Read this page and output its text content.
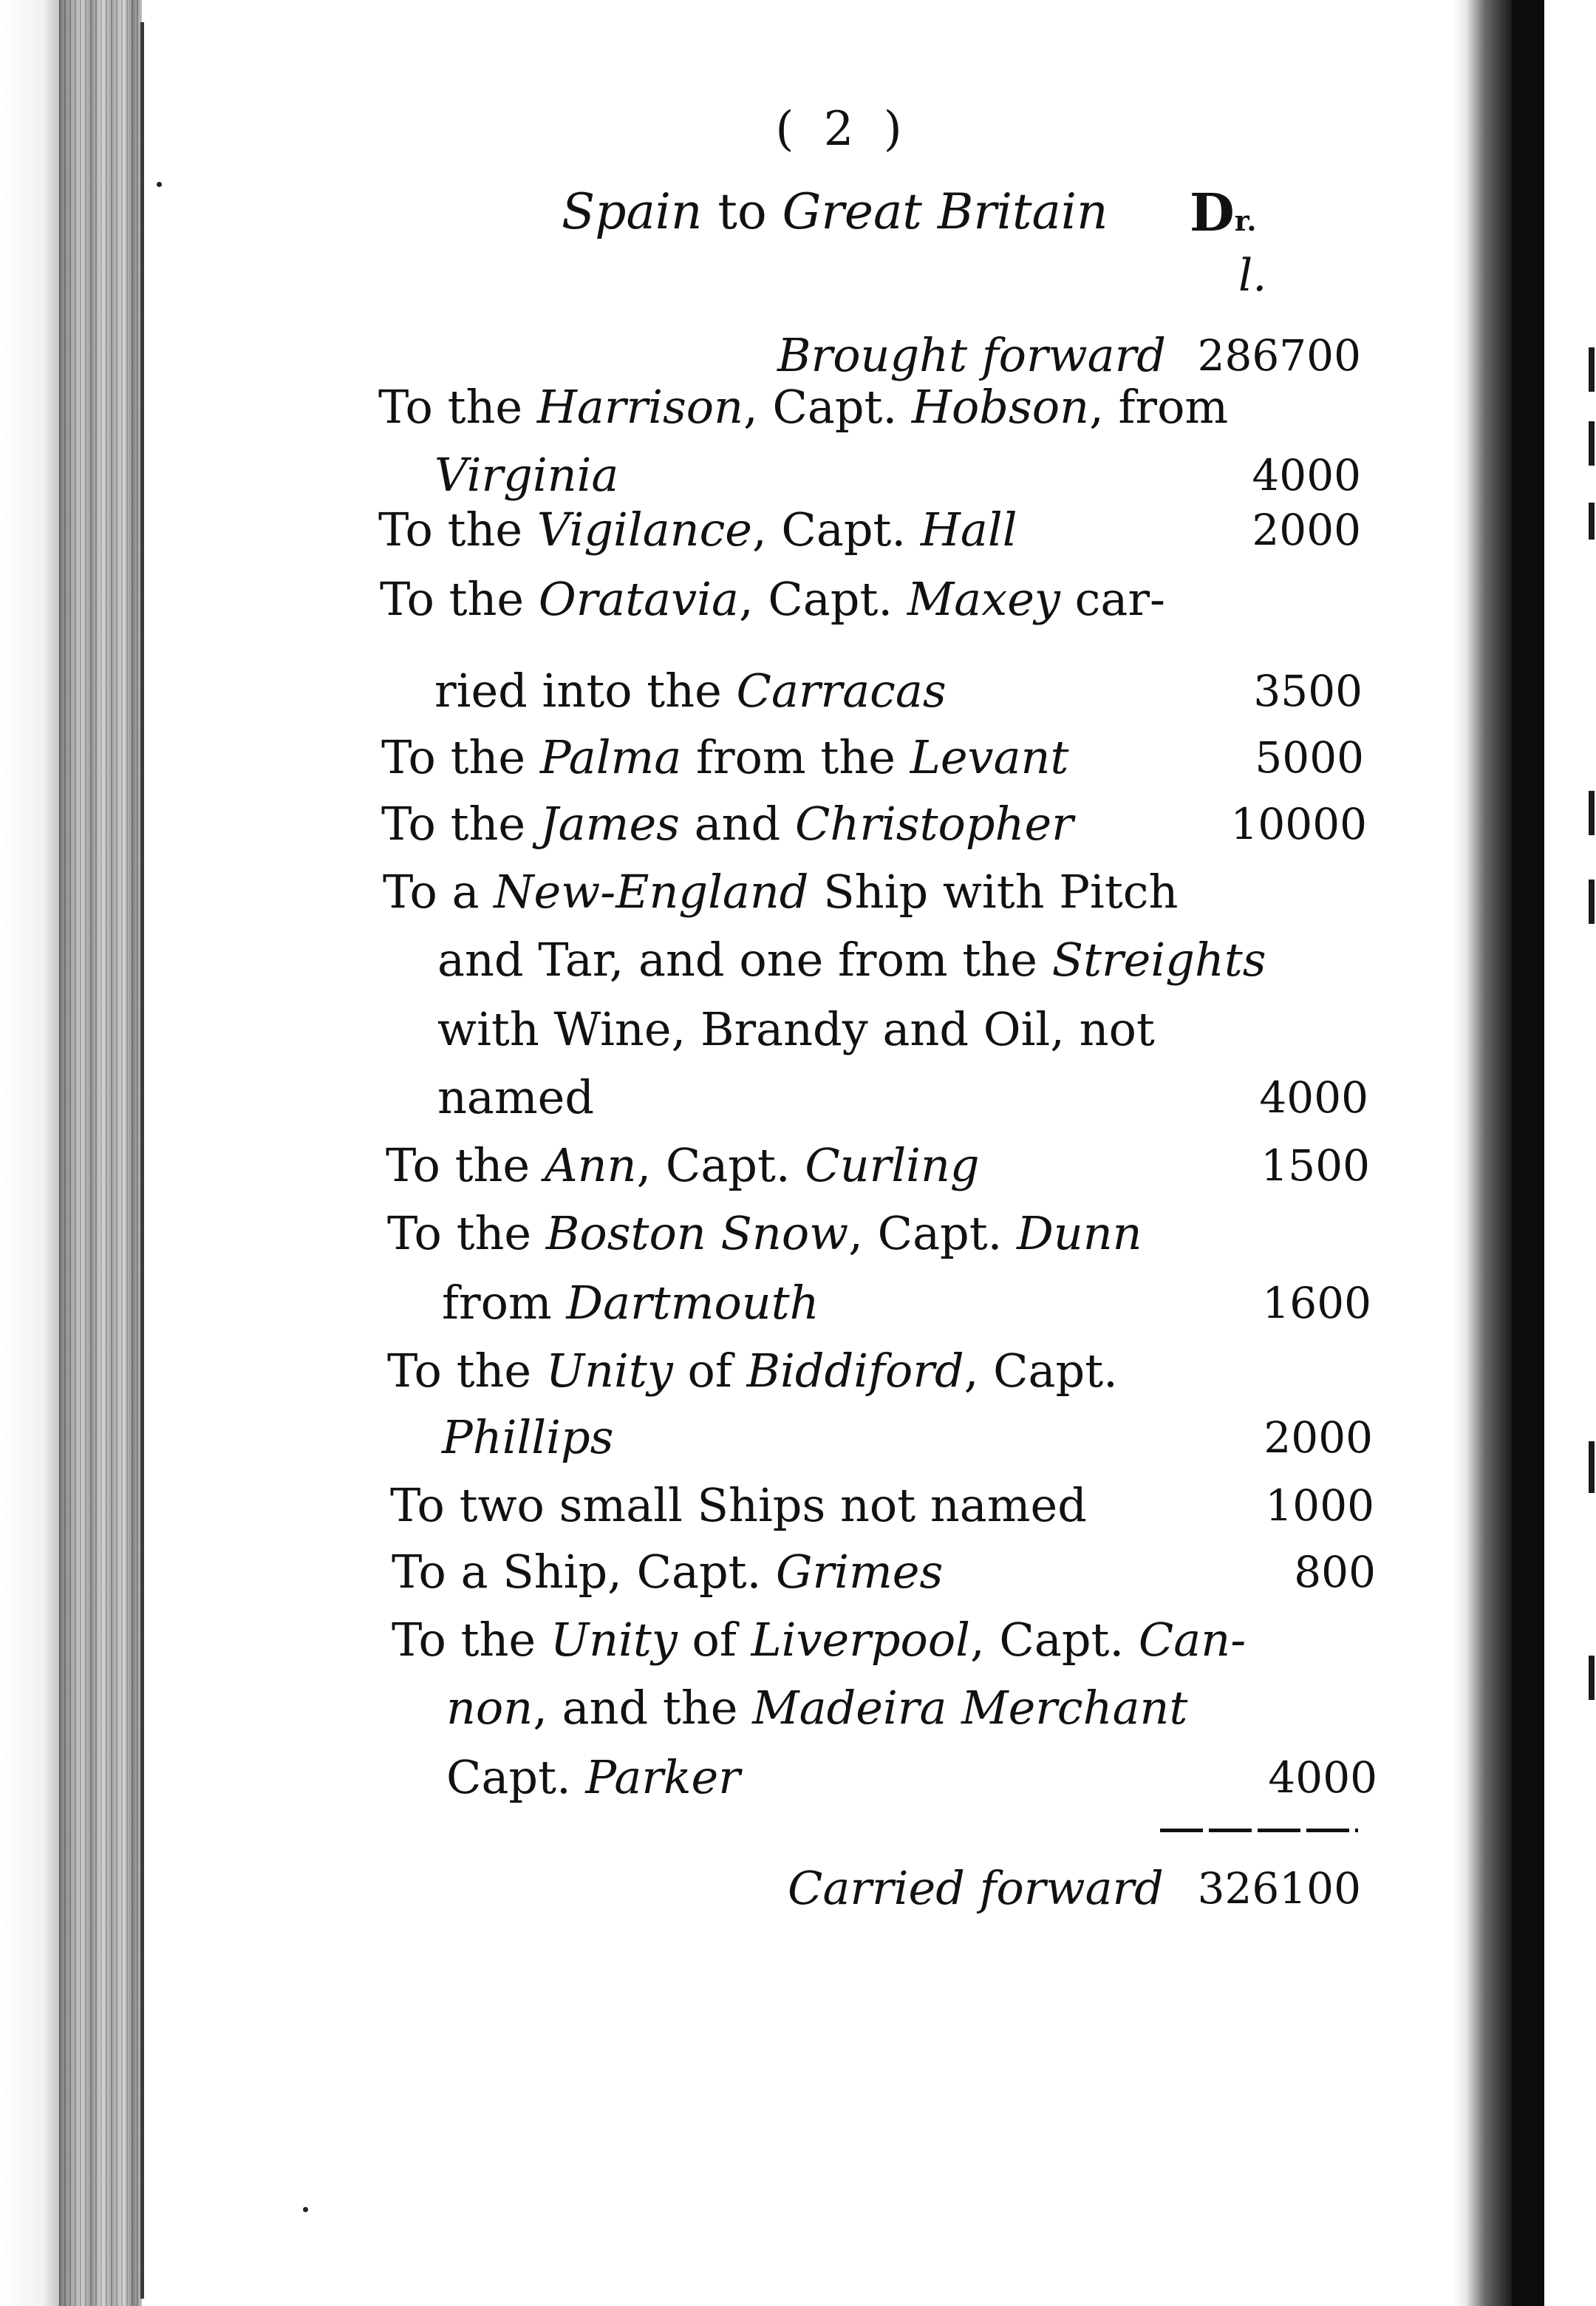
( 2 )
Spain to Great Britain Dr.
l.
Brought forward 286700
To the Harrison, Capt. Hobson, from
Virginia	4000
To the Vigilance, Capt. Hall	2000
To the Oratavia, Capt. Maxey car-
ried into the Carracas	3500
To the Palma from the Levant	5000
To the James and Christopher	10000
To a New-England Ship with Pitch
and Tar, and one from the Streights
with Wine, Brandy and Oil, not
named	4000
To the Ann, Capt. Curling	1500
To the Boston Snow, Capt. Dunn
from Dartmouth	1600
To the Unity of Biddiford, Capt.
Phillips	2000
To two small Ships not named	1000
To a Ship, Capt. Grimes	800
To the Unity of Liverpool, Capt. Can-
non, and the Madeira Merchant
Capt. Parker	4000
Carried forward 326100
